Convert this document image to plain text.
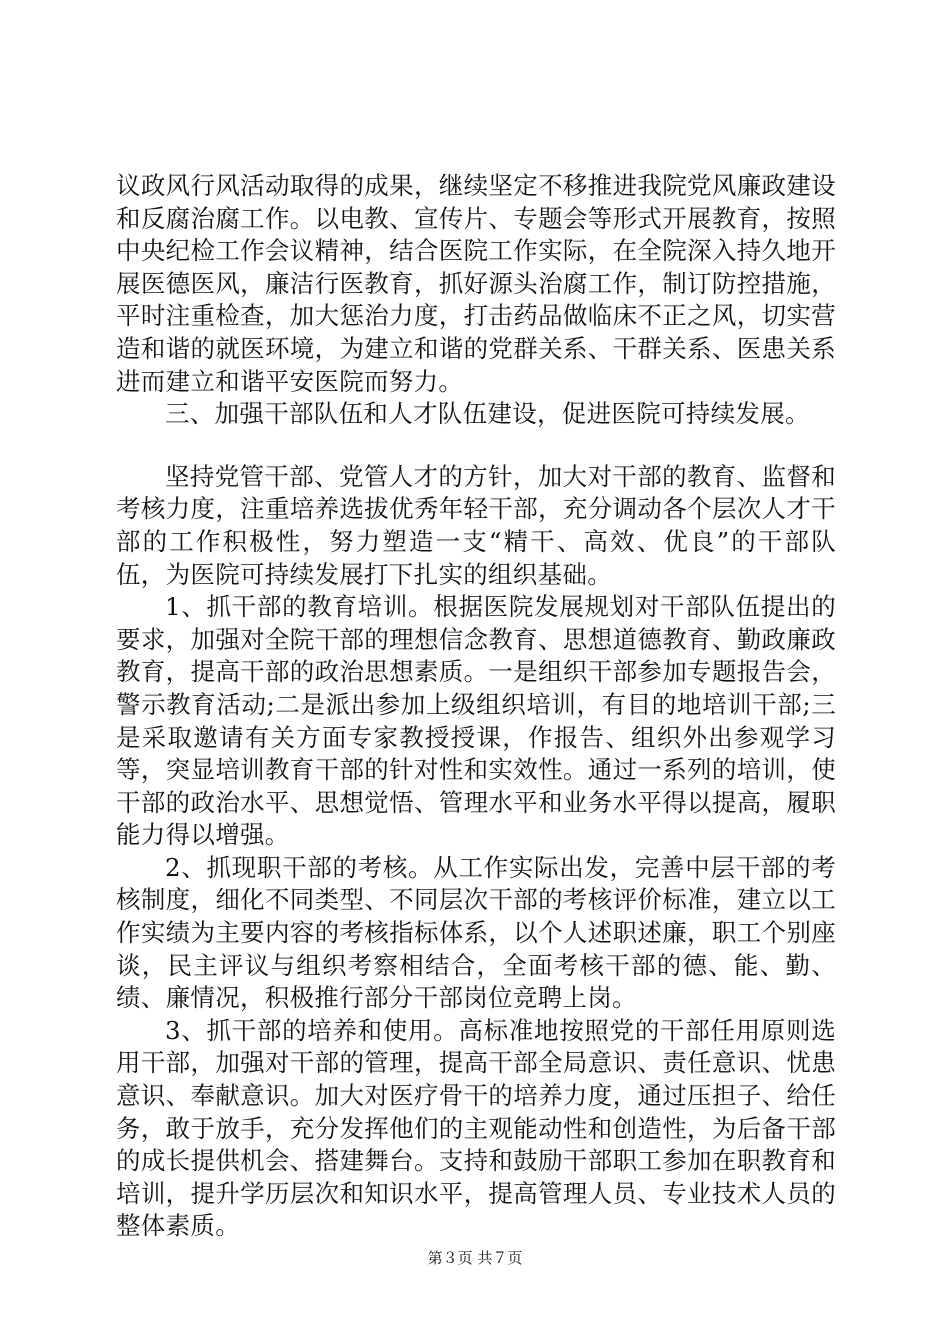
议政风行风活动取得的成果，继续坚定不移推进我院党风廉政建设和反腐治腐工作。以电教、宣传片、专题会等形式开展教育，按照中央纪检工作会议精神，结合医院工作实际，在全院深入持久地开展医德医风，廉洁行医教育，抓好源头治腐工作，制订防控措施，平时注重检查，加大惩治力度，打击药品做临床不正之风，切实营造和谐的就医环境，为建立和谐的党群关系、干群关系、医患关系进而建立和谐平安医院而努力。

三、加强干部队伍和人才队伍建设，促进医院可持续发展。

坚持党管干部、党管人才的方针，加大对干部的教育、监督和考核力度，注重培养选拔优秀年轻干部，充分调动各个层次人才干部的工作积极性，努力塑造一支“精干、高效、优良”的干部队伍，为医院可持续发展打下扎实的组织基础。

1、抓干部的教育培训。根据医院发展规划对干部队伍提出的要求，加强对全院干部的理想信念教育、思想道德教育、勤政廉政教育，提高干部的政治思想素质。一是组织干部参加专题报告会，警示教育活动;二是派出参加上级组织培训，有目的地培训干部;三是采取邀请有关方面专家教授授课，作报告、组织外出参观学习等，突显培训教育干部的针对性和实效性。通过一系列的培训，使干部的政治水平、思想觉悟、管理水平和业务水平得以提高，履职能力得以增强。

2、抓现职干部的考核。从工作实际出发，完善中层干部的考核制度，细化不同类型、不同层次干部的考核评价标准，建立以工作实绩为主要内容的考核指标体系，以个人述职述廉，职工个别座谈，民主评议与组织考察相结合，全面考核干部的德、能、勤、绩、廉情况，积极推行部分干部岗位竞聘上岗。

3、抓干部的培养和使用。高标准地按照党的干部任用原则选用干部，加强对干部的管理，提高干部全局意识、责任意识、忧患意识、奉献意识。加大对医疗骨干的培养力度，通过压担子、给任务，敢于放手，充分发挥他们的主观能动性和创造性，为后备干部的成长提供机会、搭建舞台。支持和鼓励干部职工参加在职教育和培训，提升学历层次和知识水平，提高管理人员、专业技术人员的整体素质。

第３页 共７页
